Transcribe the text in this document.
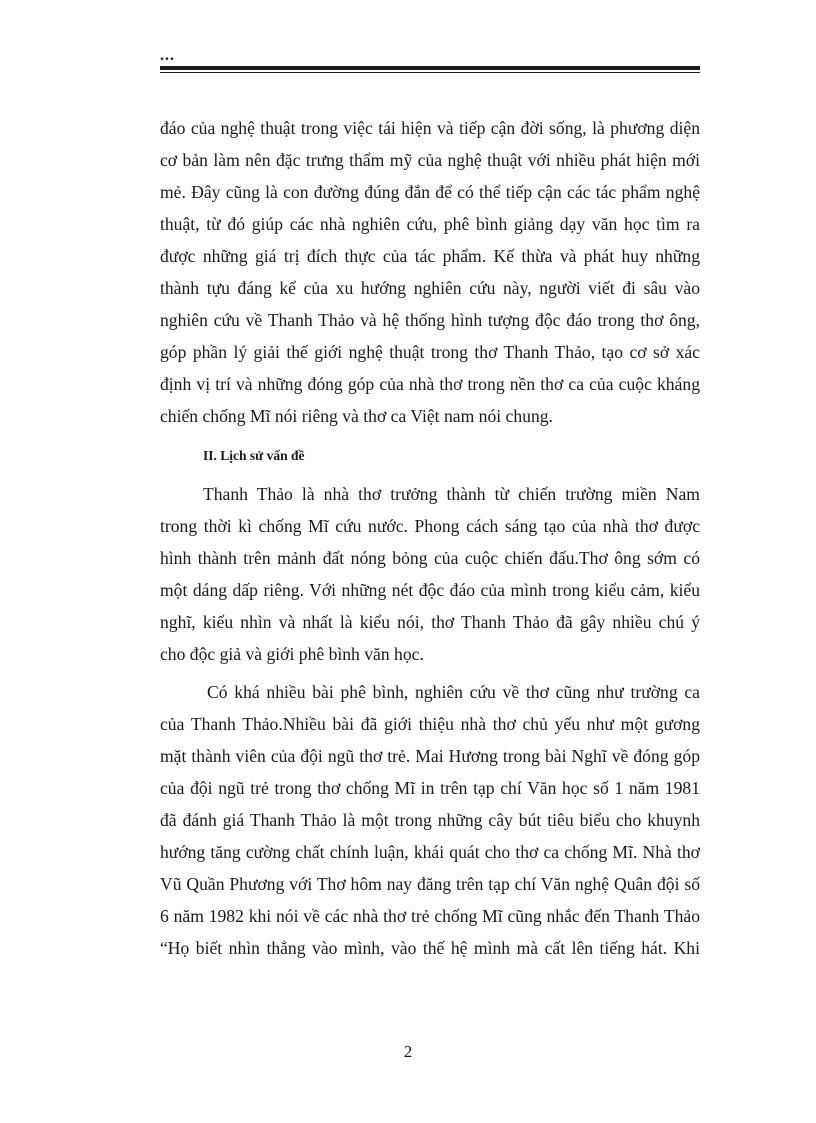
...
đáo của nghệ thuật trong việc tái hiện và tiếp cận đời sống, là phương diện
cơ bản làm nên đặc trưng thẩm mỹ của nghệ thuật với nhiều phát hiện mới
mẻ. Đây cũng là con đường đúng đắn để có thể tiếp cận các tác phẩm nghệ
thuật, từ đó giúp các nhà nghiên cứu, phê bình giảng dạy văn học tìm ra
được những giá trị đích thực của tác phẩm. Kế thừa và phát huy những
thành tựu đáng kể của xu hướng nghiên cứu này, người viết đi sâu vào
nghiên cứu về Thanh Thảo và hệ thống hình tượng độc đáo trong thơ ông,
góp phần lý giải thế giới nghệ thuật trong thơ Thanh Thảo, tạo cơ sở xác
định vị trí và những đóng góp của nhà thơ trong nền thơ ca của cuộc kháng
chiến chống Mĩ nói riêng và thơ ca Việt nam nói chung.
II. Lịch sử vấn đề
Thanh Thảo là nhà thơ trưởng thành từ chiến trường miền Nam
trong thời kì chống Mĩ cứu nước. Phong cách sáng tạo của nhà thơ được
hình thành trên mảnh đất nóng bỏng của cuộc chiến đấu.Thơ ông sớm có
một dáng dấp riêng. Với những nét độc đáo của mình trong kiểu cảm, kiểu
nghĩ, kiểu nhìn và nhất là kiểu nói, thơ Thanh Thảo đã gây nhiều chú ý
cho độc giả và giới phê bình văn học.
Có khá nhiều bài phê bình, nghiên cứu về thơ cũng như trường ca
của Thanh Thảo.Nhiều bài đã giới thiệu nhà thơ chủ yếu như một gương
mặt thành viên của đội ngũ thơ trẻ. Mai Hương trong bài Nghĩ về đóng góp
của đội ngũ trẻ trong thơ chống Mĩ in trên tạp chí Văn học số 1 năm 1981
đã đánh giá Thanh Thảo là một trong những cây bút tiêu biểu cho khuynh
hướng tăng cường chất chính luận, khái quát cho thơ ca chống Mĩ. Nhà thơ
Vũ Quần Phương với Thơ hôm nay đăng trên tạp chí Văn nghệ Quân đội số
6 năm 1982 khi nói về các nhà thơ trẻ chống Mĩ cũng nhắc đến Thanh Thảo
“Họ biết nhìn thẳng vào mình, vào thế hệ mình mà cất lên tiếng hát. Khi
2
